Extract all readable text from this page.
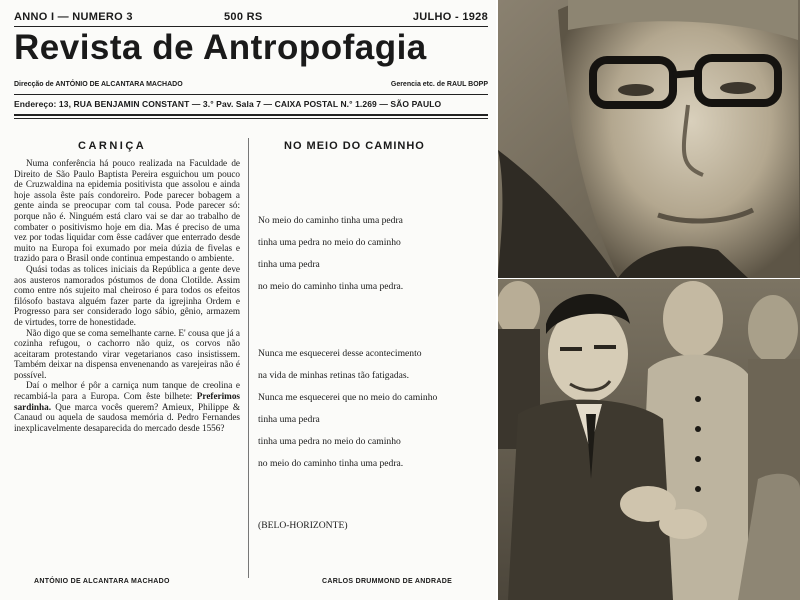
ANNO I — NUMERO 3	500 RS	JULHO - 1928
Revista de Antropofagia
Direcção de ANTÓNIO DE ALCANTARA MACHADO	Gerencia etc. de RAUL BOPP
Endereço: 13, RUA BENJAMIN CONSTANT — 3.° Pav. Sala 7 — CAIXA POSTAL N.° 1.269 — SÃO PAULO
CARNIÇA

Numa conferência há pouco realizada na Faculdade de Direito de São Paulo Baptista Pereira esguichou um pouco de Cruzwaldina na epidemia positivista que assolou e ainda hoje assola êste país condoreiro. Pode parecer bobagem a gente ainda se preocupar com tal cousa. Pode parecer só: porque não é. Ninguém está claro vai se dar ao trabalho de combater o positivismo hoje em dia. Mas é preciso de uma vez por todas liquidar com êsse cadáver que enterrado desde muito na Europa foi exumado por meia dúzia de fivelas e trazido para o Brasil onde continua empestando o ambiente.

Quási todas as tolices iniciais da República a gente deve aos austeros namorados póstumos de dona Clotilde. Assim como entre nós sujeito mal cheiroso é para todos os efeitos filósofo bastava alguém fazer parte da igrejinha Ordem e Progresso para ser considerado logo sábio, gênio, armazem de virtudes, torre de honestidade.

Não digo que se coma semelhante carne. E' cousa que já a cozinha refugou, o cachorro não quiz, os corvos não aceitaram protestando virar vegetarianos caso insistissem. Também deixar na dispensa envenenando as varejeiras não é possível.

Daí o melhor é pôr a carniça num tanque de creolina e recambiá-la para a Europa. Com êste bilhete: Preferimos sardinha. Que marca vocês querem? Amieux, Philippe & Canaud ou aquela de saudosa memória d. Pedro Fernandes inexplicavelmente desaparecida do mercado desde 1556?

ANTÓNIO DE ALCANTARA MACHADO
NO MEIO DO CAMINHO
No meio do caminho tinha uma pedra
tinha uma pedra no meio do caminho
tinha uma pedra
no meio do caminho tinha uma pedra.
Nunca me esquecerei desse acontecimento
na vida de minhas retinas tão fatigadas.
Nunca me esquecerei que no meio do caminho
tinha uma pedra
tinha uma pedra no meio do caminho
no meio do caminho tinha uma pedra.
(BELO-HORIZONTE)
CARLOS DRUMMOND DE ANDRADE
